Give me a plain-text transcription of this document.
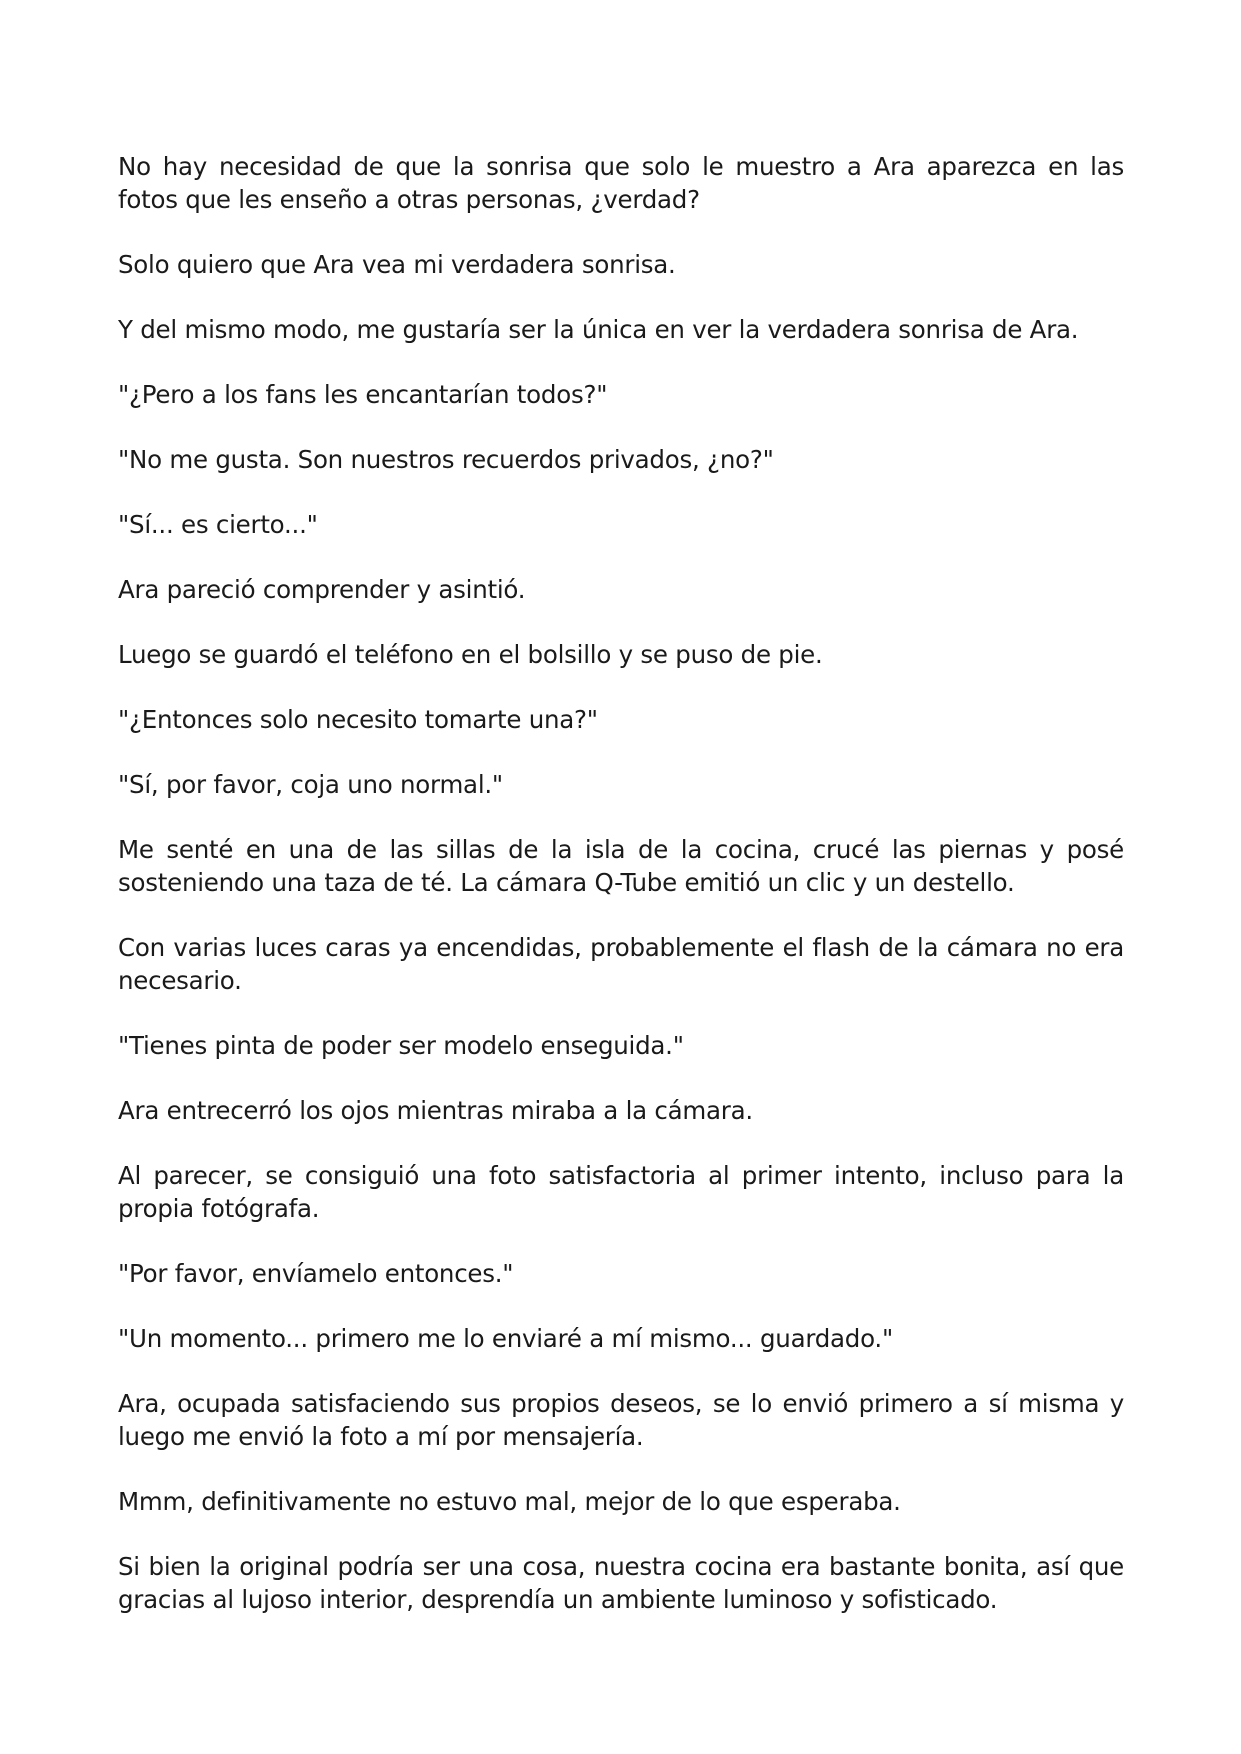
No hay necesidad de que la sonrisa que solo le muestro a Ara aparezca en las fotos que les enseño a otras personas, ¿verdad?

Solo quiero que Ara vea mi verdadera sonrisa.

Y del mismo modo, me gustaría ser la única en ver la verdadera sonrisa de Ara.

"¿Pero a los fans les encantarían todos?"

"No me gusta. Son nuestros recuerdos privados, ¿no?"

"Sí... es cierto..."

Ara pareció comprender y asintió.

Luego se guardó el teléfono en el bolsillo y se puso de pie.

"¿Entonces solo necesito tomarte una?"

"Sí, por favor, coja uno normal."

Me senté en una de las sillas de la isla de la cocina, crucé las piernas y posé sosteniendo una taza de té. La cámara Q-Tube emitió un clic y un destello.

Con varias luces caras ya encendidas, probablemente el flash de la cámara no era necesario.

"Tienes pinta de poder ser modelo enseguida."

Ara entrecerró los ojos mientras miraba a la cámara.

Al parecer, se consiguió una foto satisfactoria al primer intento, incluso para la propia fotógrafa.

"Por favor, envíamelo entonces."

"Un momento... primero me lo enviaré a mí mismo... guardado."

Ara, ocupada satisfaciendo sus propios deseos, se lo envió primero a sí misma y luego me envió la foto a mí por mensajería.

Mmm, definitivamente no estuvo mal, mejor de lo que esperaba.

Si bien la original podría ser una cosa, nuestra cocina era bastante bonita, así que gracias al lujoso interior, desprendía un ambiente luminoso y sofisticado.
